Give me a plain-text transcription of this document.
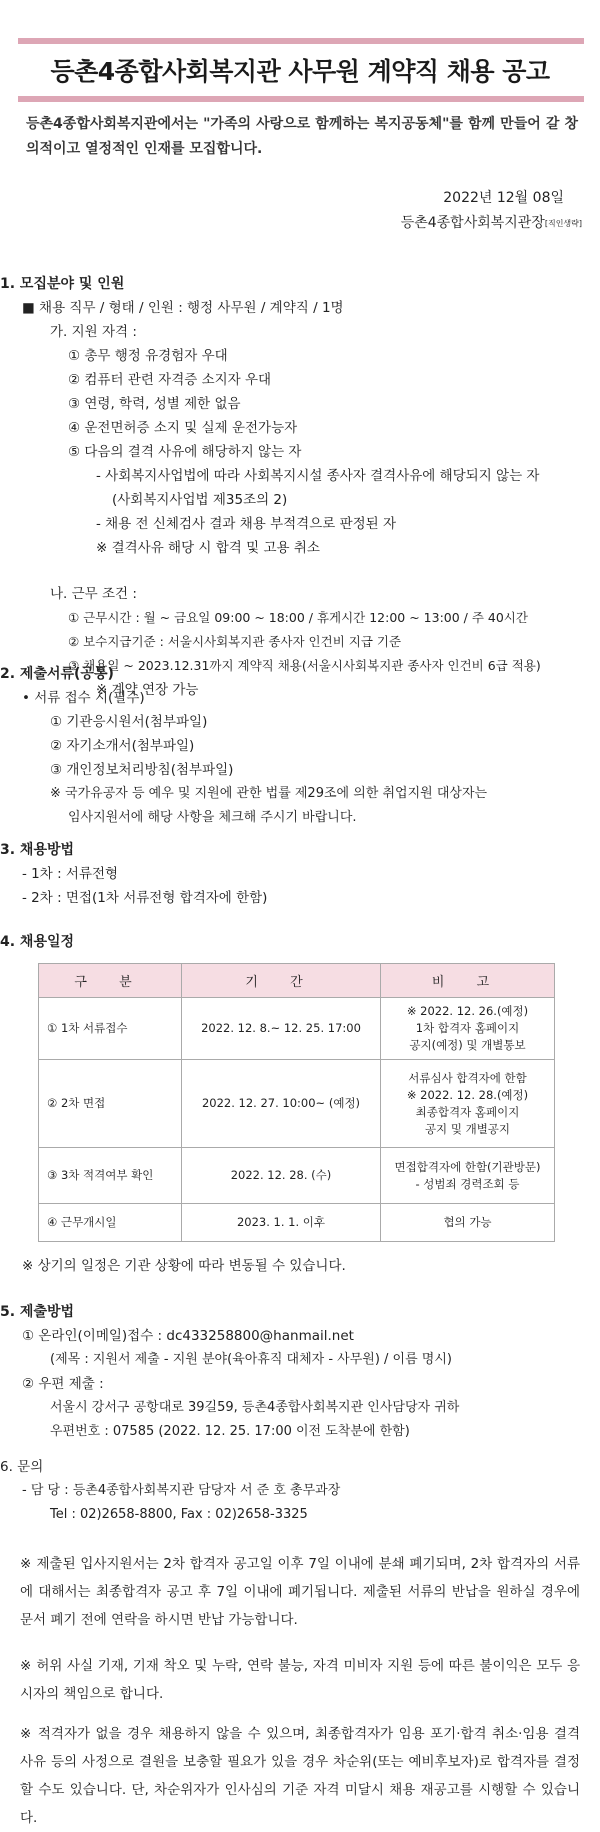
등촌4종합사회복지관 사무원 계약직 채용 공고
등촌4종합사회복지관에서는 "가족의 사랑으로 함께하는 복지공동체"를 함께 만들어 갈 창의적이고 열정적인 인재를 모집합니다.
2022년 12월 08일
등촌4종합사회복지관장[직인생략]
1. 모집분야 및 인원
■ 채용 직무 / 형태 / 인원 : 행정 사무원 / 계약직 / 1명
가. 지원 자격 :
① 총무 행정 유경험자 우대
② 컴퓨터 관련 자격증 소지자 우대
③ 연령, 학력, 성별 제한 없음
④ 운전면허증 소지 및 실제 운전가능자
⑤ 다음의 결격 사유에 해당하지 않는 자
- 사회복지사업법에 따라 사회복지시설 종사자 결격사유에 해당되지 않는 자
(사회복지사업법 제35조의 2)
- 채용 전 신체검사 결과 채용 부적격으로 판정된 자
※ 결격사유 해당 시 합격 및 고용 취소
나. 근무 조건 :
① 근무시간 : 월 ~ 금요일 09:00 ~ 18:00 / 휴게시간 12:00 ~ 13:00 / 주 40시간
② 보수지급기준 : 서울시사회복지관 종사자 인건비 지급 기준
③ 채용일 ~ 2023.12.31까지 계약직 채용(서울시사회복지관 종사자 인건비 6급 적용)
※ 계약 연장 가능
2. 제출서류(공통)
• 서류 접수 시(필수)
① 기관응시원서(첨부파일)
② 자기소개서(첨부파일)
③ 개인정보처리방침(첨부파일)
※ 국가유공자 등 예우 및 지원에 관한 법률 제29조에 의한 취업지원 대상자는
임사지원서에 해당 사항을 체크해 주시기 바랍니다.
3. 채용방법
- 1차 : 서류전형
- 2차 : 면접(1차 서류전형 합격자에 한함)
4. 채용일정
구 분	기 간	비 고
① 1차 서류접수	2022. 12. 8.~ 12. 25. 17:00	※ 2022. 12. 26.(예정)
1차 합격자 홈페이지
공지(예정) 및 개별통보

② 2차 면접	2022. 12. 27. 10:00~ (예정)	서류심사 합격자에 한함
※ 2022. 12. 28.(예정)
최종합격자 홈페이지
공지 및 개별공지

③ 3차 적격여부 확인	2022. 12. 28. (수)	면접합격자에 한함(기관방문)
- 성범죄 경력조회 등

④ 근무개시일	2023. 1. 1. 이후	협의 가능
※ 상기의 일정은 기관 상황에 따라 변동될 수 있습니다.
5. 제출방법
① 온라인(이메일)접수 : dc433258800@hanmail.net
(제목 : 지원서 제출 - 지원 분야(육아휴직 대체자 - 사무원) / 이름 명시)
② 우편 제출 :
서울시 강서구 공항대로 39길59, 등촌4종합사회복지관 인사담당자 귀하
우편번호 : 07585 (2022. 12. 25. 17:00 이전 도착분에 한함)
6. 문의
- 담 당 : 등촌4종합사회복지관 담당자 서 준 호 총무과장
Tel : 02)2658-8800, Fax : 02)2658-3325
※ 제출된 입사지원서는 2차 합격자 공고일 이후 7일 이내에 분쇄 폐기되며, 2차 합격자의 서류에 대해서는 최종합격자 공고 후 7일 이내에 폐기됩니다. 제출된 서류의 반납을 원하실 경우에 문서 폐기 전에 연락을 하시면 반납 가능합니다.
※ 허위 사실 기재, 기재 착오 및 누락, 연락 불능, 자격 미비자 지원 등에 따른 불이익은 모두 응시자의 책임으로 합니다.
※ 적격자가 없을 경우 채용하지 않을 수 있으며, 최종합격자가 임용 포기·합격 취소·임용 결격 사유 등의 사정으로 결원을 보충할 필요가 있을 경우 차순위(또는 예비후보자)로 합격자를 결정할 수도 있습니다. 단, 차순위자가 인사심의 기준 자격 미달시 채용 재공고를 시행할 수 있습니다.
